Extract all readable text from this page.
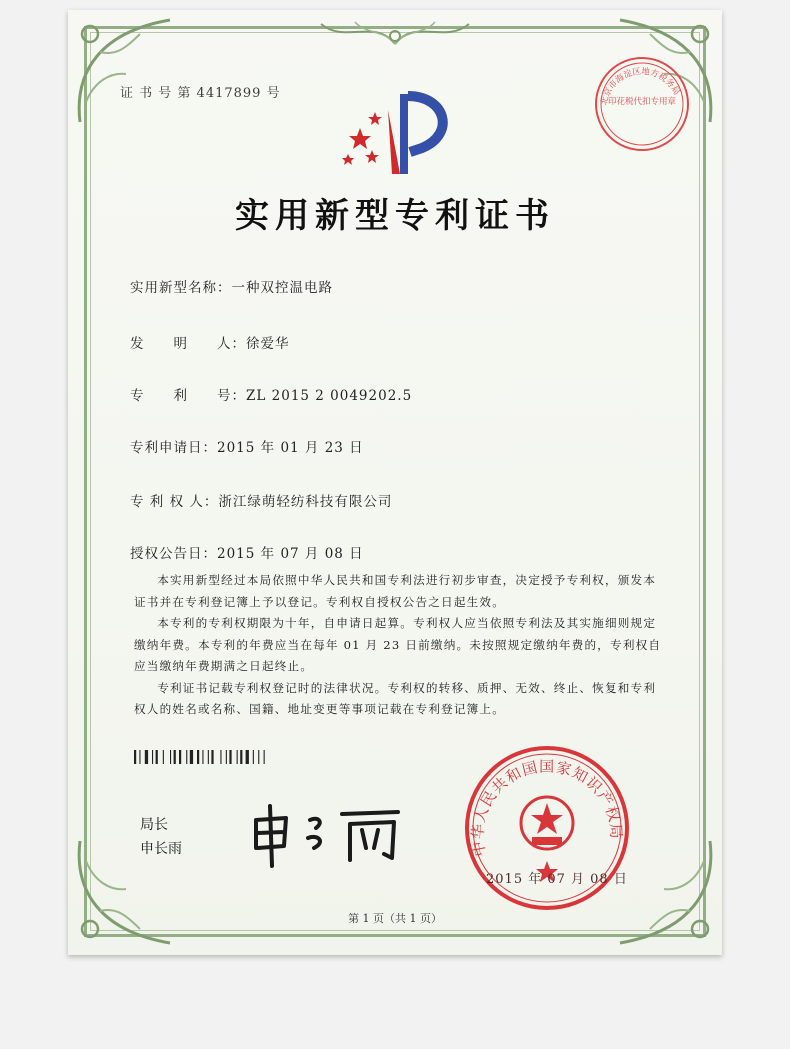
证 书 号 第 4417899 号	北京市海淀区地方税务局
印花税代扣专用章
实用新型专利证书
实用新型名称：一种双控温电路
发　　明　　人：徐爱华
专　　利　　号：ZL 2015 2 0049202.5
专利申请日：2015 年 01 月 23 日
专 利 权 人：浙江绿萌轻纺科技有限公司
授权公告日：2015 年 07 月 08 日

本实用新型经过本局依照中华人民共和国专利法进行初步审查，决定授予专利权，颁发本证书并在专利登记簿上予以登记。专利权自授权公告之日起生效。

本专利的专利权期限为十年，自申请日起算。专利权人应当依照专利法及其实施细则规定缴纳年费。本专利的年费应当在每年 01 月 23 日前缴纳。未按照规定缴纳年费的，专利权自应当缴纳年费期满之日起终止。

专利证书记载专利权登记时的法律状况。专利权的转移、质押、无效、终止、恢复和专利权人的姓名或名称、国籍、地址变更等事项记载在专利登记簿上。

局长
申长雨	中华人民共和国国家知识产权局
2015 年 07 月 08 日
第 1 页（共 1 页）
